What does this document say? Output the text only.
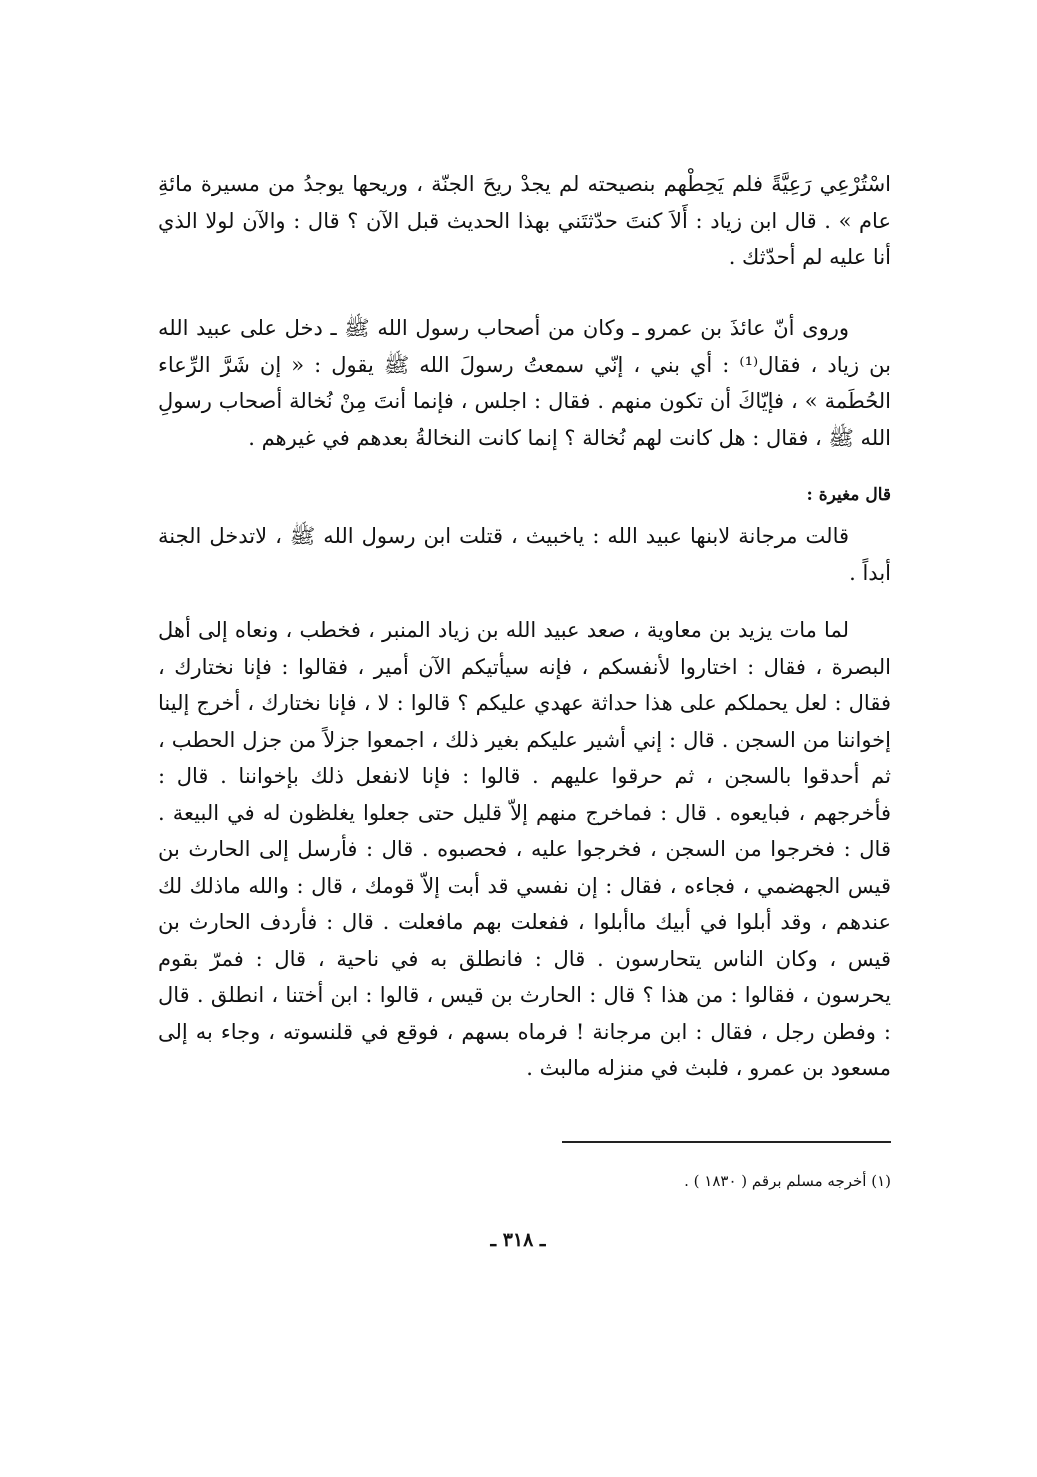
اسْتُرْعِي رَعِيَّةً فلم يَحِطْهم بنصيحته لم يجدْ ريحَ الجنّة ، وريحها يوجدُ من مسيرة مائةِ عام » . قال ابن زياد : أَلاَ كنتَ حدّثتَني بهذا الحديث قبل الآن ؟ قال : والآن لولا الذي أنا عليه لم أحدّثك .

وروى أنّ عائذَ بن عمرو ـ وكان من أصحاب رسول الله ﷺ ـ دخل على عبيد الله بن زياد ، فقال⁽¹⁾ : أي بني ، إنّي سمعتُ رسولَ الله ﷺ يقول : « إن شَرَّ الرِّعاء الحُطَمة » ، فإيّاكَ أن تكون منهم . فقال : اجلس ، فإنما أنتَ مِنْ نُخالة أصحاب رسولِ الله ﷺ ، فقال : هل كانت لهم نُخالة ؟ إنما كانت النخالةُ بعدهم في غيرهم .

قال مغيرة :

قالت مرجانة لابنها عبيد الله : ياخبيث ، قتلت ابن رسول الله ﷺ ، لاتدخل الجنة أبداً .

لما مات يزيد بن معاوية ، صعد عبيد الله بن زياد المنبر ، فخطب ، ونعاه إلى أهل البصرة ، فقال : اختاروا لأنفسكم ، فإنه سيأتيكم الآن أمير ، فقالوا : فإنا نختارك ، فقال : لعل يحملكم على هذا حداثة عهدي عليكم ؟ قالوا : لا ، فإنا نختارك ، أخرج إلينا إخواننا من السجن . قال : إني أشير عليكم بغير ذلك ، اجمعوا جزلاً من جزل الحطب ، ثم أحدقوا بالسجن ، ثم حرقوا عليهم . قالوا : فإنا لانفعل ذلك بإخواننا . قال : فأخرجهم ، فبايعوه . قال : فماخرج منهم إلاّ قليل حتى جعلوا يغلظون له في البيعة . قال : فخرجوا من السجن ، فخرجوا عليه ، فحصبوه . قال : فأرسل إلى الحارث بن قيس الجهضمي ، فجاءه ، فقال : إن نفسي قد أبت إلاّ قومك ، قال : والله ماذلك لك عندهم ، وقد أبلوا في أبيك ماأبلوا ، ففعلت بهم مافعلت . قال : فأردف الحارث بن قيس ، وكان الناس يتحارسون . قال : فانطلق به في ناحية ، قال : فمرّ بقوم يحرسون ، فقالوا : من هذا ؟ قال : الحارث بن قيس ، قالوا : ابن أختنا ، انطلق . قال : وفطن رجل ، فقال : ابن مرجانة ! فرماه بسهم ، فوقع في قلنسوته ، وجاء به إلى مسعود بن عمرو ، فلبث في منزله مالبث .

(١) أخرجه مسلم برقم ( ١٨٣٠ ) .
ـ ٣١٨ ـ
